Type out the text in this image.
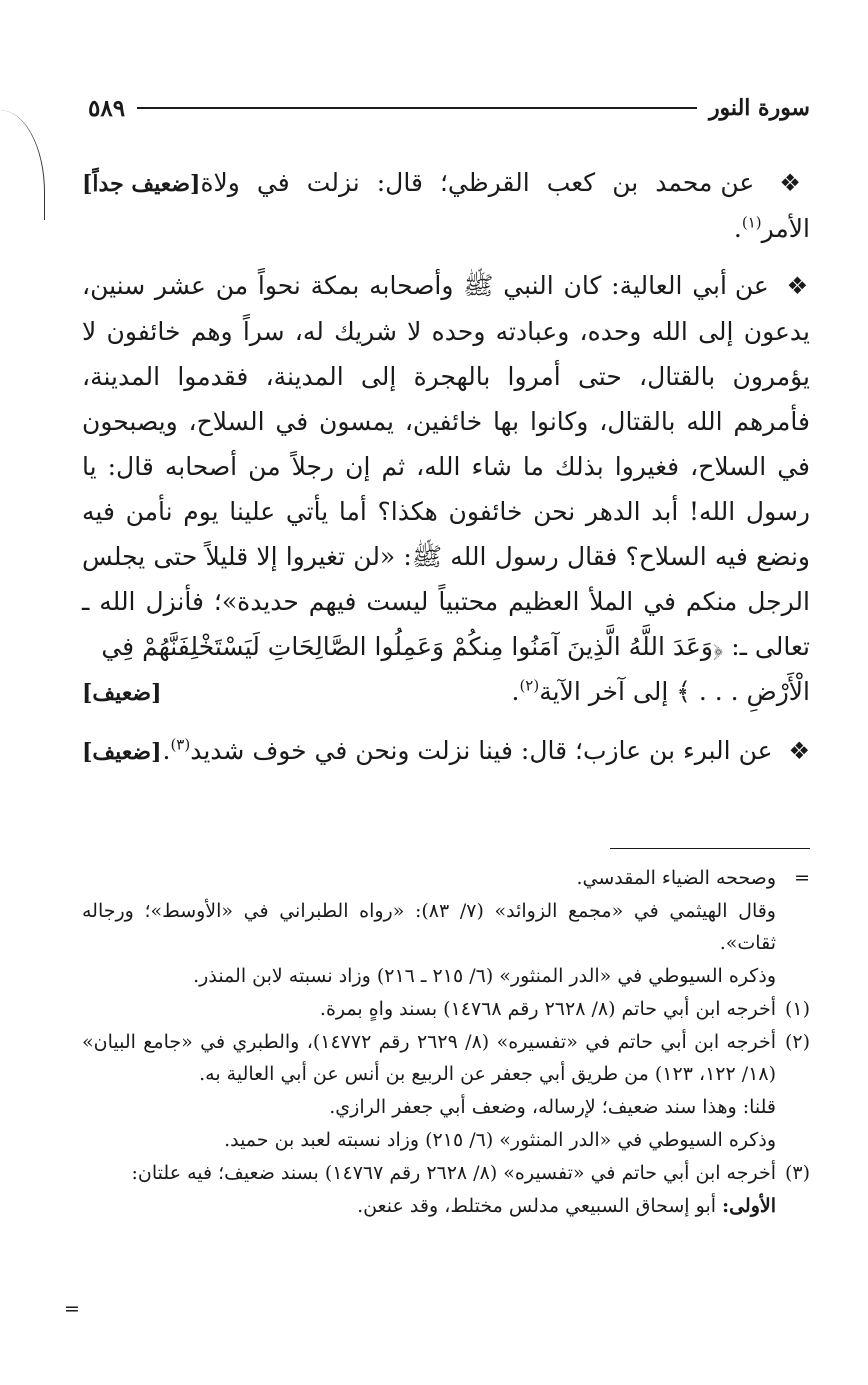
سورة النور
٥٨٩
❖ عن محمد بن كعب القرظي؛ قال: نزلت في ولاة الأمر$^{(١)}$.
[ضعيف جداً]

❖ عن أبي العالية: كان النبي ﷺ وأصحابه بمكة نحواً من عشر سنين، يدعون إلى الله وحده، وعبادته وحده لا شريك له، سراً وهم خائفون لا يؤمرون بالقتال، حتى أمروا بالهجرة إلى المدينة، فقدموا المدينة، فأمرهم الله بالقتال، وكانوا بها خائفين، يمسون في السلاح، ويصبحون في السلاح، فغيروا بذلك ما شاء الله، ثم إن رجلاً من أصحابه قال: يا رسول الله! أبد الدهر نحن خائفون هكذا؟ أما يأتي علينا يوم نأمن فيه ونضع فيه السلاح؟ فقال رسول الله ﷺ: «لن تغيروا إلا قليلاً حتى يجلس الرجل منكم في الملأ العظيم محتبياً ليست فيهم حديدة»؛ فأنزل الله ـ تعالى ـ: ﴿وَعَدَ اللَّهُ الَّذِينَ آمَنُوا مِنكُمْ وَعَمِلُوا الصَّالِحَاتِ لَيَسْتَخْلِفَنَّهُمْ فِي

الْأَرْضِ . . . ﴾ إلى آخر الآية$^{(٢)}$.
[ضعيف]
❖ عن البرء بن عازب؛ قال: فينا نزلت ونحن في خوف شديد$^{(٣)}$.
[ضعيف]
=

وصححه الضياء المقدسي.

وقال الهيثمي في «مجمع الزوائد» (٧/ ٨٣): «رواه الطبراني في «الأوسط»؛ ورجاله ثقات».

وذكره السيوطي في «الدر المنثور» (٦/ ٢١٥ ـ ٢١٦) وزاد نسبته لابن المنذر.

(١)

أخرجه ابن أبي حاتم (٨/ ٢٦٢٨ رقم ١٤٧٦٨) بسند واهٍ بمرة.

(٢)

أخرجه ابن أبي حاتم في «تفسيره» (٨/ ٢٦٢٩ رقم ١٤٧٧٢)، والطبري في «جامع البيان» (١٨/ ١٢٢، ١٢٣) من طريق أبي جعفر عن الربيع بن أنس عن أبي العالية به.

قلنا: وهذا سند ضعيف؛ لإرساله، وضعف أبي جعفر الرازي.

وذكره السيوطي في «الدر المنثور» (٦/ ٢١٥) وزاد نسبته لعبد بن حميد.

(٣)

أخرجه ابن أبي حاتم في «تفسيره» (٨/ ٢٦٢٨ رقم ١٤٧٦٧) بسند ضعيف؛ فيه علتان:

الأولى: أبو إسحاق السبيعي مدلس مختلط، وقد عنعن.

=
